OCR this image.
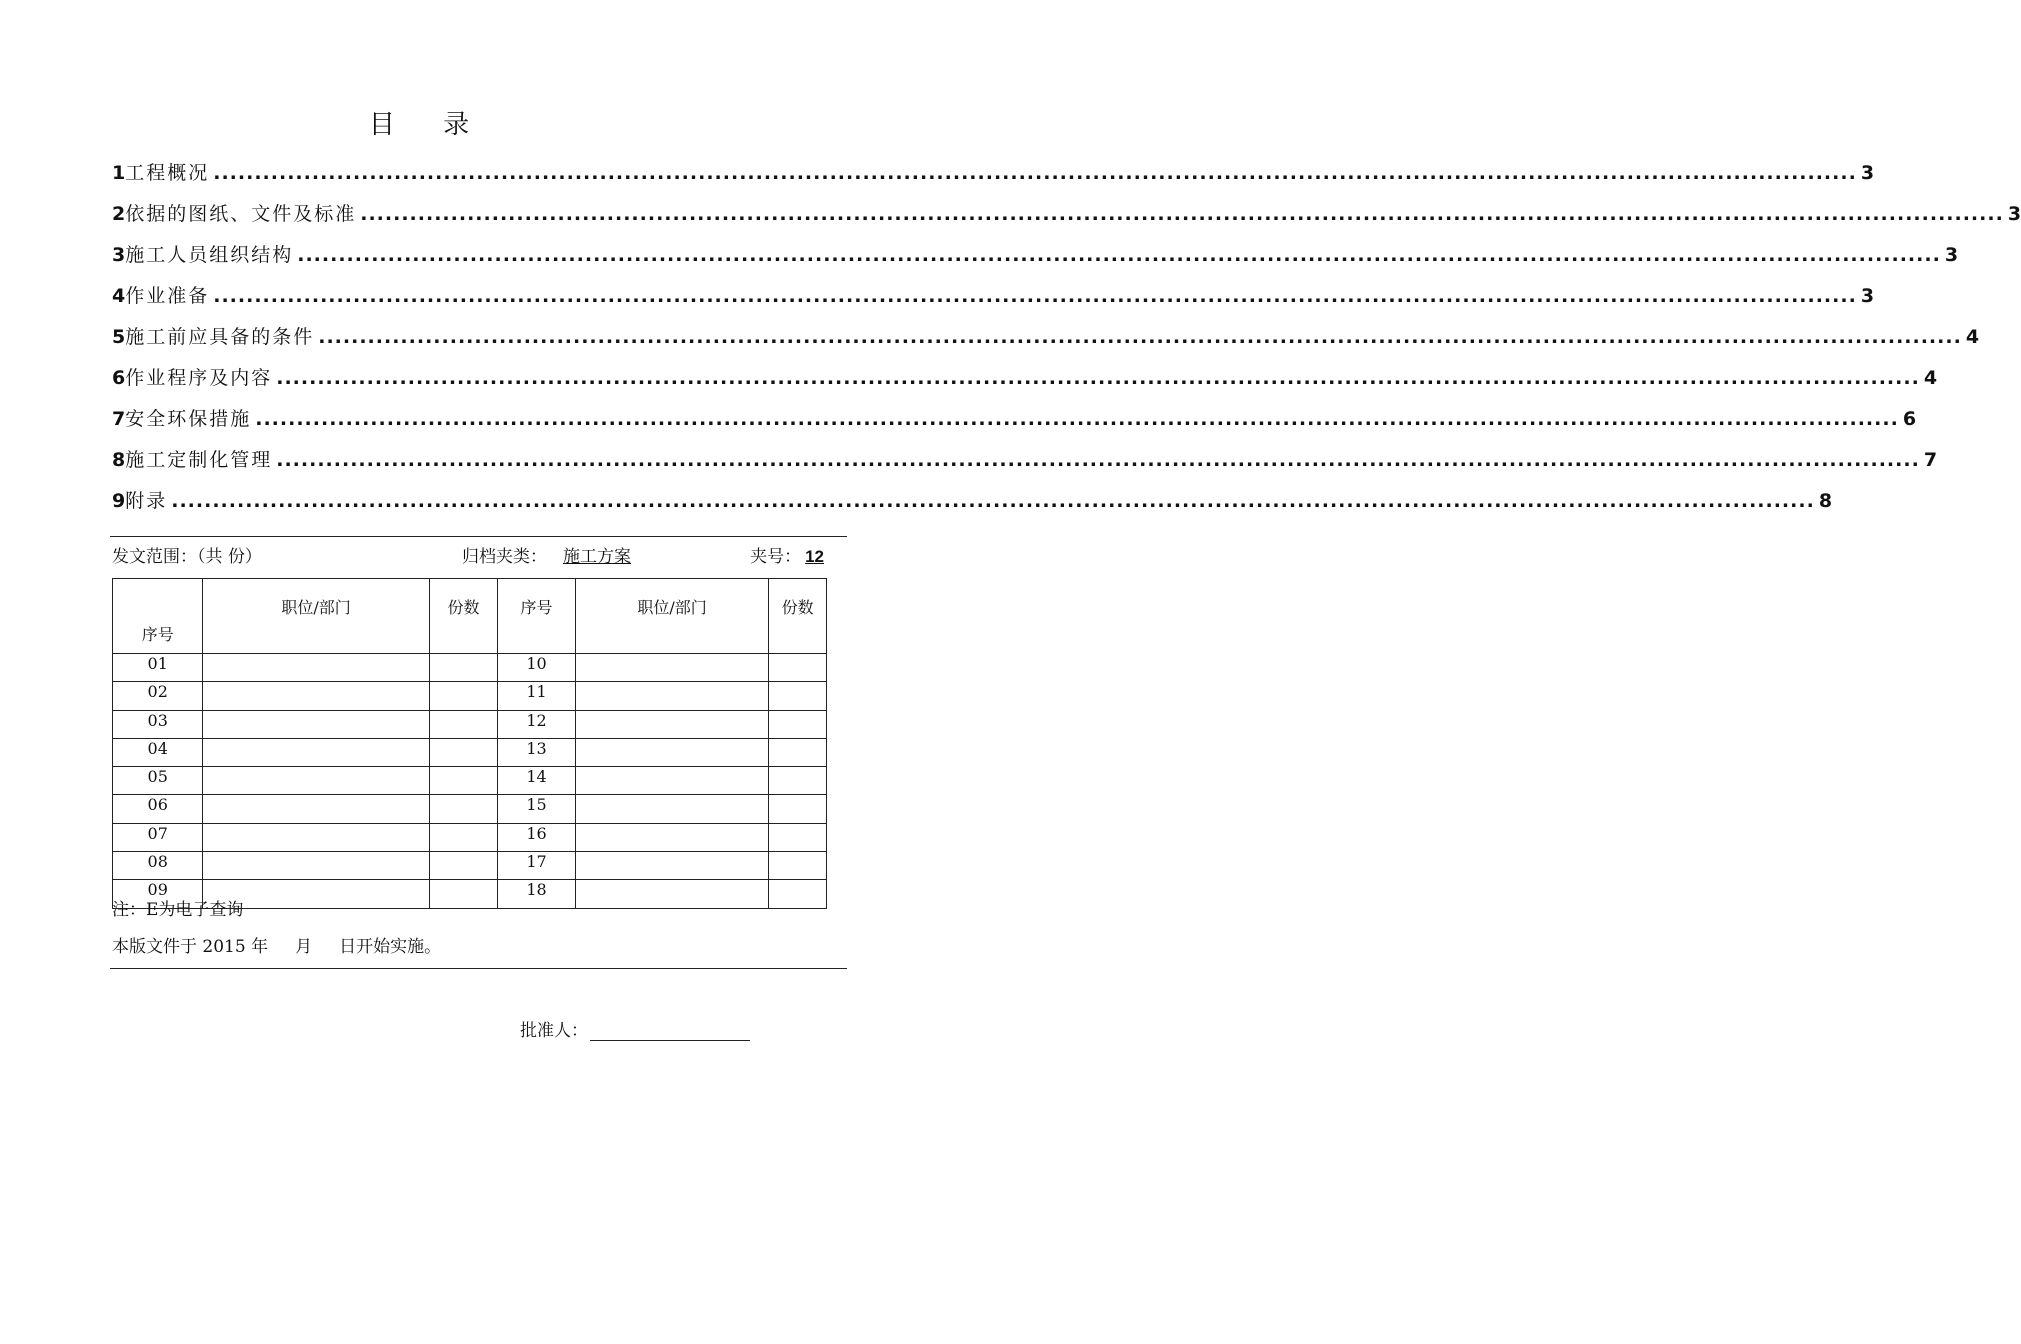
目 录
1 工程概况 ........................................................................................................................................................................................................ 3
2 依据的图纸、文件及标准 ........................................................................................................................................................................................................ 3
3 施工人员组织结构 ........................................................................................................................................................................................................ 3
4 作业准备 ........................................................................................................................................................................................................ 3
5 施工前应具备的条件 ........................................................................................................................................................................................................ 4
6 作业程序及内容 ........................................................................................................................................................................................................ 4
7 安全环保措施 ........................................................................................................................................................................................................ 6
8 施工定制化管理 ........................................................................................................................................................................................................ 7
9 附录 ........................................................................................................................................................................................................ 8
发文范围：（共 份）	归档夹类： 施工方案	夹号： 12
序号	职位/部门	份数	序号	职位/部门	份数
01			10		
02			11		
03			12		
04			13		
05			14		
06			15		
07			16		
08			17		
09			18		
注：E为电子查询
本版文件于 2015 年     月     日开始实施。
批准人：
